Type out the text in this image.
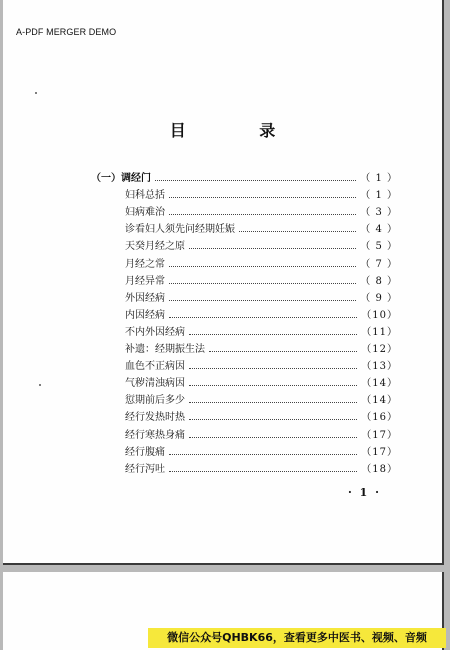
A-PDF MERGER DEMO
目 录
（一）调经门	（ 1 ）
妇科总括	（ 1 ）
妇病难治	（ 3 ）
诊看妇人须先问经期妊娠	（ 4 ）
天癸月经之原	（ 5 ）
月经之常	（ 7 ）
月经异常	（ 8 ）
外因经病	（ 9 ）
内因经病	（10）
不内外因经病	（11）
补遗：经期振生法	（12）
血色不正病因	（13）
气秽清浊病因	（14）
愆期前后多少	（14）
经行发热时热	（16）
经行寒热身痛	（17）
经行腹痛	（17）
经行泻吐	（18）
· 1 ·
微信公众号QHBK66，查看更多中医书、视频、音频
